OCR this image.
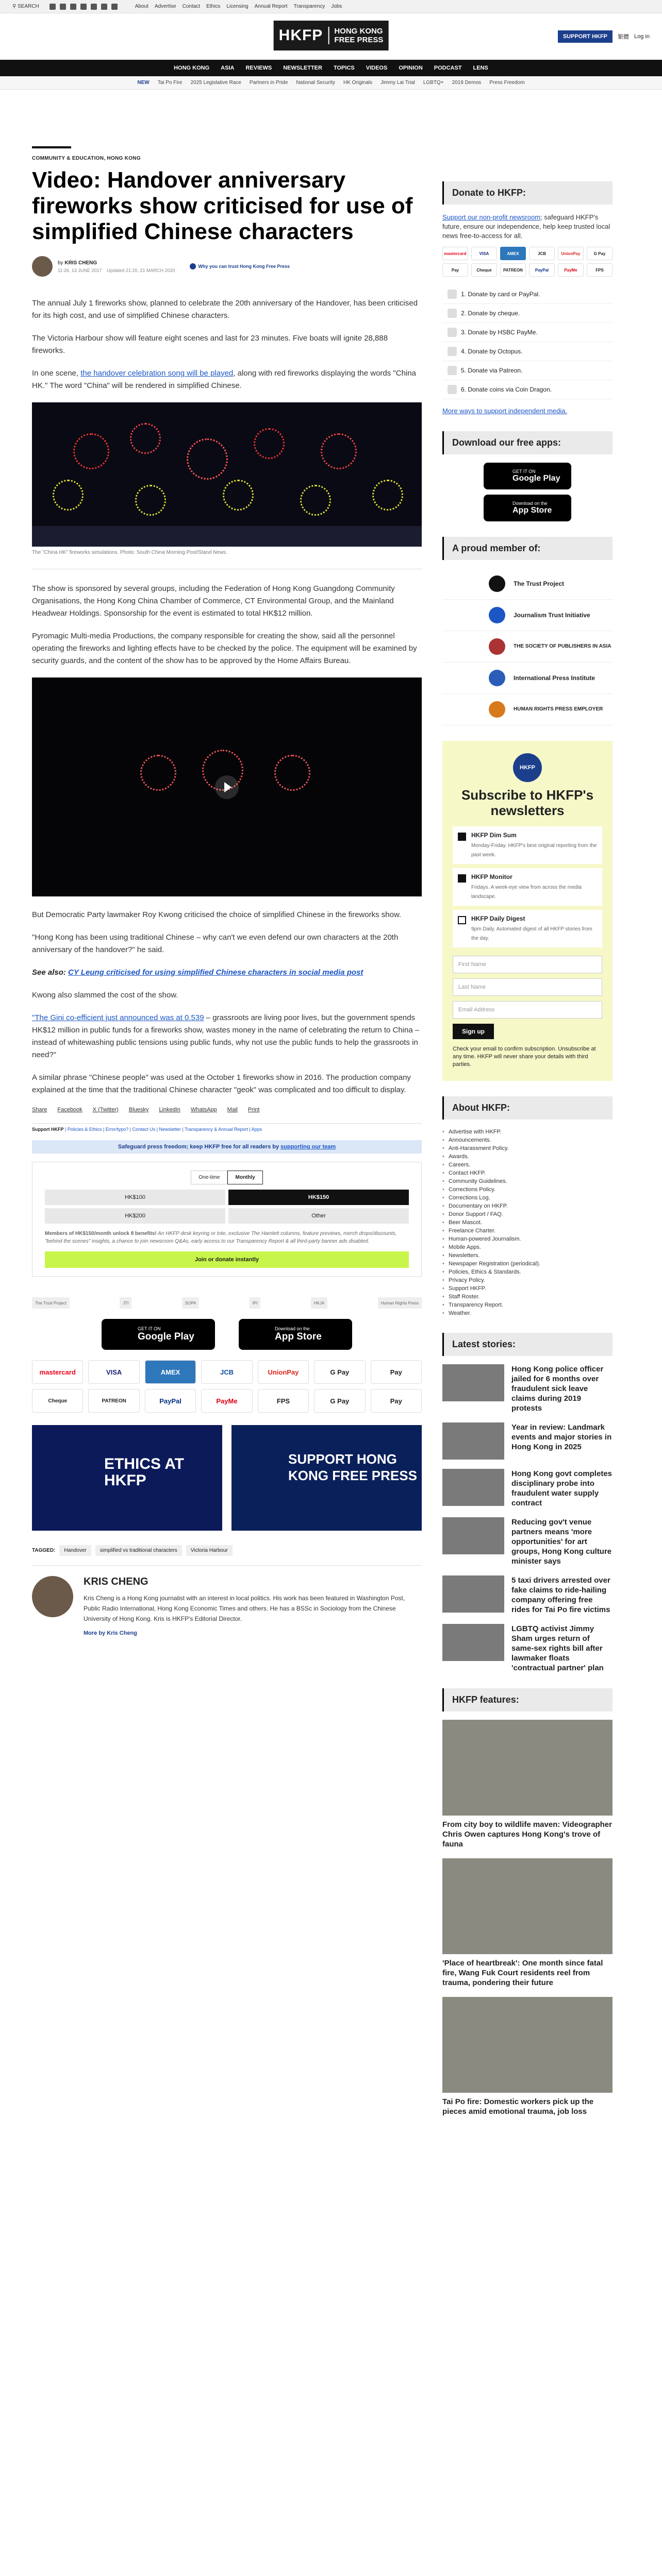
⚲ SEARCH	About Advertise Contact Ethics Licensing Annual Report Transparency Jobs
HKFP	HONG KONG
FREE PRESS	SUPPORT HKFP	繁體 Log in
HONG KONG ASIA REVIEWS NEWSLETTER TOPICS VIDEOS OPINION PODCAST LENS
NEW Tai Po Fire 2025 Legislative Race Partners in Pride National Security HK Originals Jimmy Lai Trial LGBTQ+ 2019 Demos Press Freedom
COMMUNITY & EDUCATION, HONG KONG
Video: Handover anniversary fireworks show criticised for use of simplified Chinese characters
by KRIS CHENG
11:26, 13 JUNE 2017 Updated 21:20, 21 MARCH 2020
Why you can trust Hong Kong Free Press

The annual July 1 fireworks show, planned to celebrate the 20th anniversary of the Handover, has been criticised for its high cost, and use of simplified Chinese characters.

The Victoria Harbour show will feature eight scenes and last for 23 minutes. Five boats will ignite 28,888 fireworks.

In one scene, the handover celebration song will be played, along with red fireworks displaying the words "China HK." The word "China" will be rendered in simplified Chinese.

The "China HK" fireworks simulations. Photo: South China Morning Post/Stand News.

The show is sponsored by several groups, including the Federation of Hong Kong Guangdong Community Organisations, the Hong Kong China Chamber of Commerce, CT Environmental Group, and the Mainland Headwear Holdings. Sponsorship for the event is estimated to total HK$12 million.

Pyromagic Multi-media Productions, the company responsible for creating the show, said all the personnel operating the fireworks and lighting effects have to be checked by the police. The equipment will be examined by security guards, and the content of the show has to be approved by the Home Affairs Bureau.

But Democratic Party lawmaker Roy Kwong criticised the choice of simplified Chinese in the fireworks show.

"Hong Kong has been using traditional Chinese – why can't we even defend our own characters at the 20th anniversary of the handover?" he said.

See also: CY Leung criticised for using simplified Chinese characters in social media post

Kwong also slammed the cost of the show.

"The Gini co-efficient just announced was at 0.539 – grassroots are living poor lives, but the government spends HK$12 million in public funds for a fireworks show, wastes money in the name of celebrating the return to China – instead of whitewashing public tensions using public funds, why not use the public funds to help the grassroots in need?"

A similar phrase "Chinese people" was used at the October 1 fireworks show in 2016. The production company explained at the time that the traditional Chinese character "geok" was complicated and too difficult to display.

Share Facebook X (Twitter) Bluesky LinkedIn WhatsApp Mail Print
Support HKFP | Policies & Ethics | Error/typo? | Contact Us | Newsletter | Transparency & Annual Report | Apps
Safeguard press freedom; keep HKFP free for all readers by
supporting our team
One-time	Monthly
HK$100	HK$150
HK$200	Other
Members of HK$150/month unlock 8 benefits! An HKFP desk keyring or tote, exclusive The Hamlett columns, feature previews, merch drops/discounts, "behind the scenes" insights, a chance to join newsroom Q&As, early access to our Transparency Report & all third-party banner ads disabled.
Join or donate instantly
The Trust Project	JTI	SOPA	IPI	HKJA	Human Rights Press
GET IT ON
Google Play
Download on the
App Store
mastercard	VISA	AMEX	JCB	UnionPay	G Pay	Pay
Cheque	PATREON	PayPal	PayMe	FPS	G Pay	Pay
ETHICS AT HKFP
SUPPORT HONG KONG FREE PRESS
TAGGED:	Handover	simplified vs traditional characters	Victoria Harbour
KRIS CHENG

Kris Cheng is a Hong Kong journalist with an interest in local politics. His work has been featured in Washington Post, Public Radio International, Hong Kong Economic Times and others. He has a BSSc in Sociology from the Chinese University of Hong Kong. Kris is HKFP's Editorial Director.

More by Kris Cheng
Donate to HKFP:

Support our non-profit newsroom; safeguard HKFP's future, ensure our independence, help keep trusted local news free-to-access for all.

mastercard	VISA	AMEX	JCB	UnionPay	G Pay
Pay	Cheque	PATREON	PayPal	PayMe	FPS
1. Donate by card or PayPal.
2. Donate by cheque.
3. Donate by HSBC PayMe.
4. Donate by Octopus.
5. Donate via Patreon.
6. Donate coins via Coin Dragon.

More ways to support independent media.

Download our free apps:
GET IT ON
Google Play
Download on the
App Store
A proud member of:
The Trust Project
Journalism Trust Initiative
THE SOCIETY OF PUBLISHERS IN ASIA
International Press Institute
HUMAN RIGHTS PRESS EMPLOYER
HKFP
Subscribe to HKFP's newsletters
HKFP Dim Sum
Monday-Friday. HKFP's best original reporting from the past week.
HKFP Monitor
Fridays. A week-eye view from across the media landscape.
HKFP Daily Digest
9pm Daily. Automated digest of all HKFP stories from the day.
First Name
Last Name
Email Address
Sign up
Check your email to confirm subscription. Unsubscribe at any time. HKFP will never share your details with third parties.
About HKFP:
• Advertise with HKFP.
• Announcements.
• Anti-Harassment Policy.
• Awards.
• Careers.
• Contact HKFP.
• Community Guidelines.
• Corrections Policy.
• Corrections Log.
• Documentary on HKFP.
• Donor Support / FAQ.
• Beer Mascot.
• Freelance Charter.
• Human-powered Journalism.
• Mobile Apps.
• Newsletters.
• Newspaper Registration (periodical).
• Policies, Ethics & Standards.
• Privacy Policy.
• Support HKFP.
• Staff Roster.
• Transparency Report.
• Weather.
Latest stories:
Hong Kong police officer jailed for 6 months over fraudulent sick leave claims during 2019 protests
Year in review: Landmark events and major stories in Hong Kong in 2025
Hong Kong govt completes disciplinary probe into fraudulent water supply contract
Reducing gov't venue partners means 'more opportunities' for art groups, Hong Kong culture minister says
5 taxi drivers arrested over fake claims to ride-hailing company offering free rides for Tai Po fire victims
LGBTQ activist Jimmy Sham urges return of same-sex rights bill after lawmaker floats 'contractual partner' plan
HKFP features:
From city boy to wildlife maven: Videographer Chris Owen captures Hong Kong's trove of fauna
'Place of heartbreak': One month since fatal fire, Wang Fuk Court residents reel from trauma, pondering their future
Tai Po fire: Domestic workers pick up the pieces amid emotional trauma, job loss
